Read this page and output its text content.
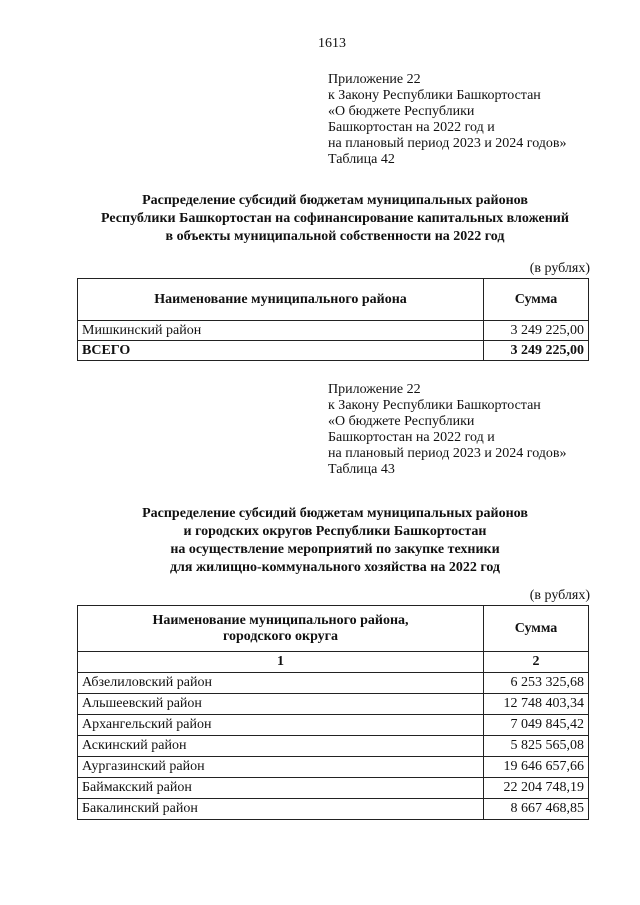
1613
Приложение 22
к Закону Республики Башкортостан
«О бюджете Республики
Башкортостан на 2022 год и
на плановый период 2023 и 2024 годов»
Таблица 42
Распределение субсидий бюджетам муниципальных районов
Республики Башкортостан на софинансирование капитальных вложений
в объекты муниципальной собственности на 2022 год
(в рублях)
Наименование муниципального района	Сумма
Мишкинский район	3 249 225,00
ВСЕГО	3 249 225,00
Приложение 22
к Закону Республики Башкортостан
«О бюджете Республики
Башкортостан на 2022 год и
на плановый период 2023 и 2024 годов»
Таблица 43
Распределение субсидий бюджетам муниципальных районов
и городских округов Республики Башкортостан
на осуществление мероприятий по закупке техники
для жилищно-коммунального хозяйства на 2022 год
(в рублях)
Наименование муниципального района,
городского округа	Сумма
1	2
Абзелиловский район	6 253 325,68
Альшеевский район	12 748 403,34
Архангельский район	7 049 845,42
Аскинский район	5 825 565,08
Аургазинский район	19 646 657,66
Баймакский район	22 204 748,19
Бакалинский район	8 667 468,85
